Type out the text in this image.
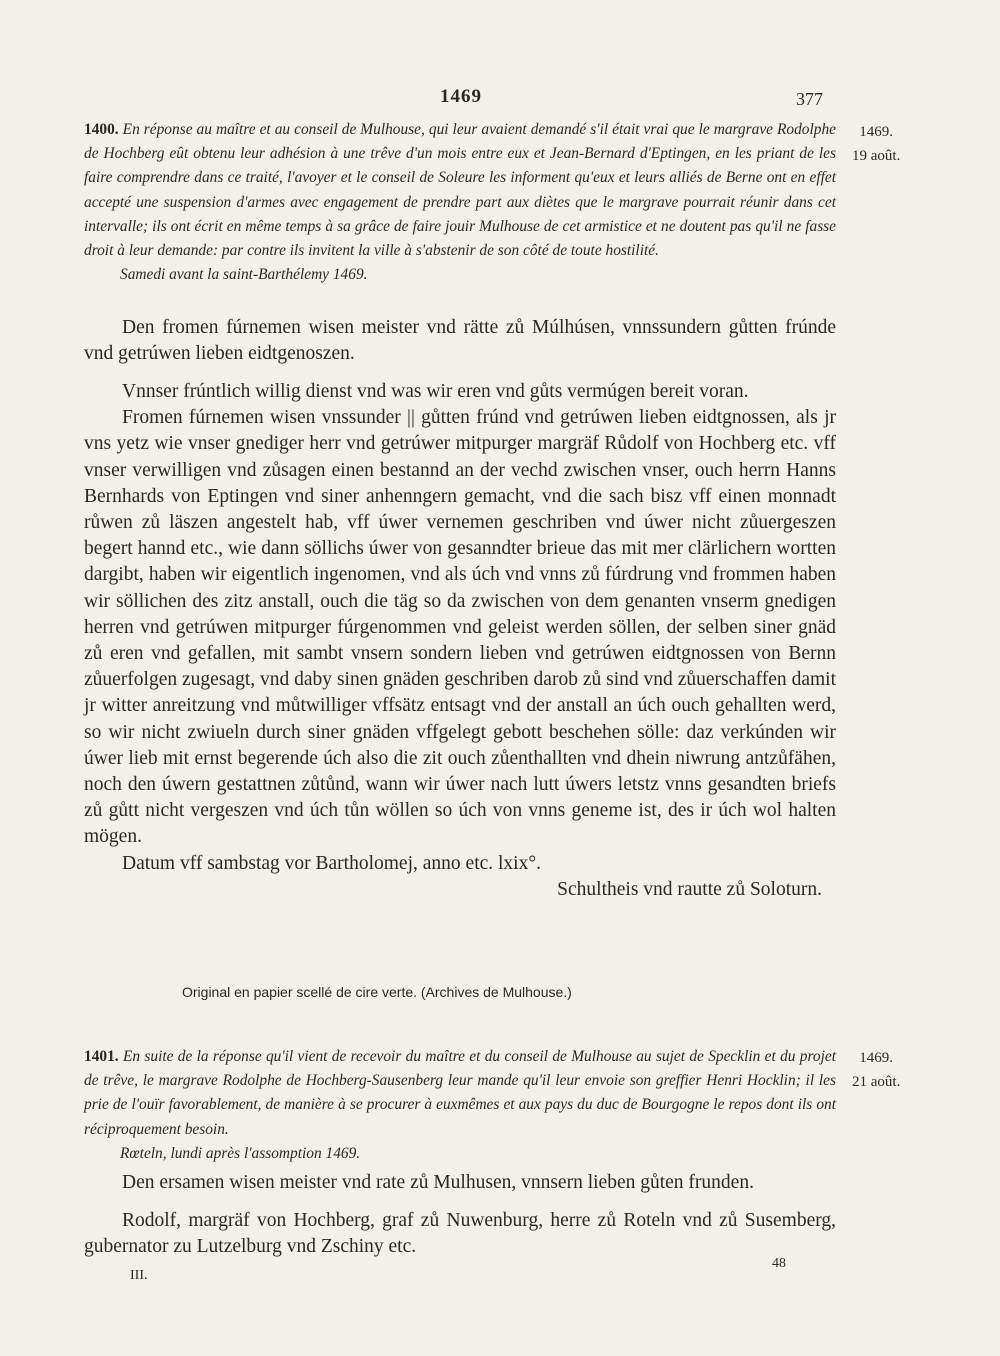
1469	377
1400. En réponse au maître et au conseil de Mulhouse, qui leur avaient demandé s'il était vrai que le margrave Rodolphe de Hochberg eût obtenu leur adhésion à une trêve d'un mois entre eux et Jean-Bernard d'Eptingen, en les priant de les faire comprendre dans ce traité, l'avoyer et le conseil de Soleure les informent qu'eux et leurs alliés de Berne ont en effet accepté une suspension d'armes avec engagement de prendre part aux diètes que le margrave pourrait réunir dans cet intervalle; ils ont écrit en même temps à sa grâce de faire jouir Mulhouse de cet armistice et ne doutent pas qu'il ne fasse droit à leur demande: par contre ils invitent la ville à s'abstenir de son côté de toute hostilité.
Samedi avant la saint-Barthélemy 1469.
1469.
19 août.
Den fromen fúrnemen wisen meister vnd rätte zů Múlhúsen, vnnssundern gůtten frúnde vnd getrúwen lieben eidtgenoszen.

Vnnser frúntlich willig dienst vnd was wir eren vnd gůts vermúgen bereit voran.

Fromen fúrnemen wisen vnssunder || gůtten frúnd vnd getrúwen lieben eidtgnossen, als jr vns yetz wie vnser gnediger herr vnd getrúwer mitpurger margräf Růdolf von Hochberg etc. vff vnser verwilligen vnd zůsagen einen bestannd an der vechd zwischen vnser, ouch herrn Hanns Bernhards von Eptingen vnd siner anhenngern gemacht, vnd die sach bisz vff einen monnadt růwen zů läszen angestelt hab, vff úwer vernemen geschriben vnd úwer nicht zůuergeszen begert hannd etc., wie dann söllichs úwer von gesanndter brieue das mit mer clärlichern wortten dargibt, haben wir eigentlich ingenomen, vnd als úch vnd vnns zů fúrdrung vnd frommen haben wir söllichen des zitz anstall, ouch die täg so da zwischen von dem genanten vnserm gnedigen herren vnd getrúwen mitpurger fúrgenommen vnd geleist werden söllen, der selben siner gnäd zů eren vnd gefallen, mit sambt vnsern sondern lieben vnd getrúwen eidtgnossen von Bernn zůuerfolgen zugesagt, vnd daby sinen gnäden geschriben darob zů sind vnd zůuerschaffen damit jr witter anreitzung vnd můtwilliger vffsätz entsagt vnd der anstall an úch ouch gehallten werd, so wir nicht zwiueln durch siner gnäden vffgelegt gebott beschehen sölle: daz verkúnden wir úwer lieb mit ernst begerende úch also die zit ouch zůenthallten vnd dhein niwrung antzůfähen, noch den úwern gestattnen zůtůnd, wann wir úwer nach lutt úwers letstz vnns gesandten briefs zů gůtt nicht vergeszen vnd úch tůn wöllen so úch von vnns geneme ist, des ir úch wol halten mögen.

Datum vff sambstag vor Bartholomej, anno etc. lxix°.

Schultheis vnd rautte zů Soloturn.

Original en papier scellé de cire verte. (Archives de Mulhouse.)
1401. En suite de la réponse qu'il vient de recevoir du maître et du conseil de Mulhouse au sujet de Specklin et du projet de trêve, le margrave Rodolphe de Hochberg-Sausenberg leur mande qu'il leur envoie son greffier Henri Hocklin; il les prie de l'ouïr favorablement, de manière à se procurer à euxmêmes et aux pays du duc de Bourgogne le repos dont ils ont réciproquement besoin.
Rœteln, lundi après l'assomption 1469.
1469.
21 août.
Den ersamen wisen meister vnd rate zů Mulhusen, vnnsern lieben gůten frunden.

Rodolf, margräf von Hochberg, graf zů Nuwenburg, herre zů Roteln vnd zů Susemberg, gubernator zu Lutzelburg vnd Zschiny etc.

48
III.
